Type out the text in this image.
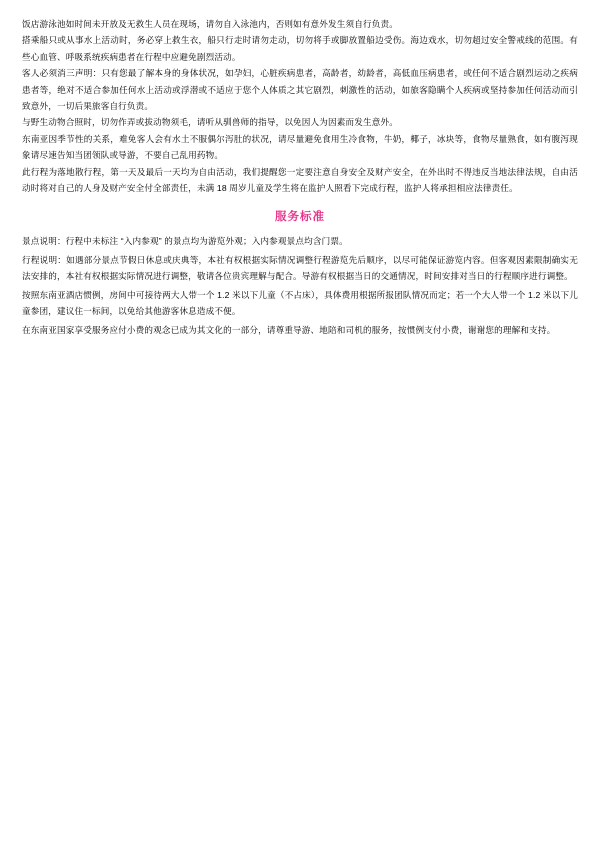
饭店游泳池如时间未开放及无救生人员在现场，请勿自入泳池内，否则如有意外发生须自行负责。

搭乘船只或从事水上活动时，务必穿上救生衣，船只行走时请勿走动，切勿将手或脚放置船边受伤。海边戏水，切勿超过安全警戒线的范围。有些心血管、呼吸系统疾病患者在行程中应避免剧烈活动。

客人必须消三声明：只有您最了解本身的身体状况，如孕妇，心脏疾病患者，高龄者，幼龄者，高低血压病患者，或任何不适合剧烈运动之疾病患者等，绝对不适合参加任何水上活动或浮潜或不适应于您个人体质之其它剧烈，刺激性的活动，如旅客隐瞒个人疾病或坚持参加任何活动而引致意外，一切后果旅客自行负责。

与野生动物合照时，切勿作弄或拔动物须毛，请听从驯兽师的指导，以免因人为因素而发生意外。

东南亚因季节性的关系，难免客人会有水土不服偶尔泻肚的状况，请尽量避免食用生冷食物，牛奶，椰子，冰块等，食物尽量熟食，如有腹泻现象请尽速告知当团领队或导游，不要自己乱用药物。

此行程为落地散行程，第一天及最后一天均为自由活动，我们提醒您一定要注意自身安全及财产安全，在外出时不得违反当地法律法规，自由活动时将对自己的人身及财产安全付全部责任，未满 18 周岁儿童及学生将在监护人照看下完成行程，监护人将承担相应法律责任。

服务标准

景点说明：行程中未标注 “入内参观” 的景点均为游览外观；入内参观景点均含门票。

行程说明：如遇部分景点节假日休息或庆典等，本社有权根据实际情况调整行程游览先后顺序，以尽可能保证游览内容。但客观因素限制确实无法安排的，本社有权根据实际情况进行调整，敬请各位贵宾理解与配合。导游有权根据当日的交通情况，时间安排对当日的行程顺序进行调整。

按照东南亚酒店惯例，房间中可接待两大人带一个 1.2 米以下儿童（不占床），具体费用根据所报团队情况而定；若一个大人带一个 1.2 米以下儿童参团，建议住一标间，以免给其他游客休息造成不便。

在东南亚国家享受服务应付小费的观念已成为其文化的一部分，请尊重导游、地陪和司机的服务，按惯例支付小费，谢谢您的理解和支持。
